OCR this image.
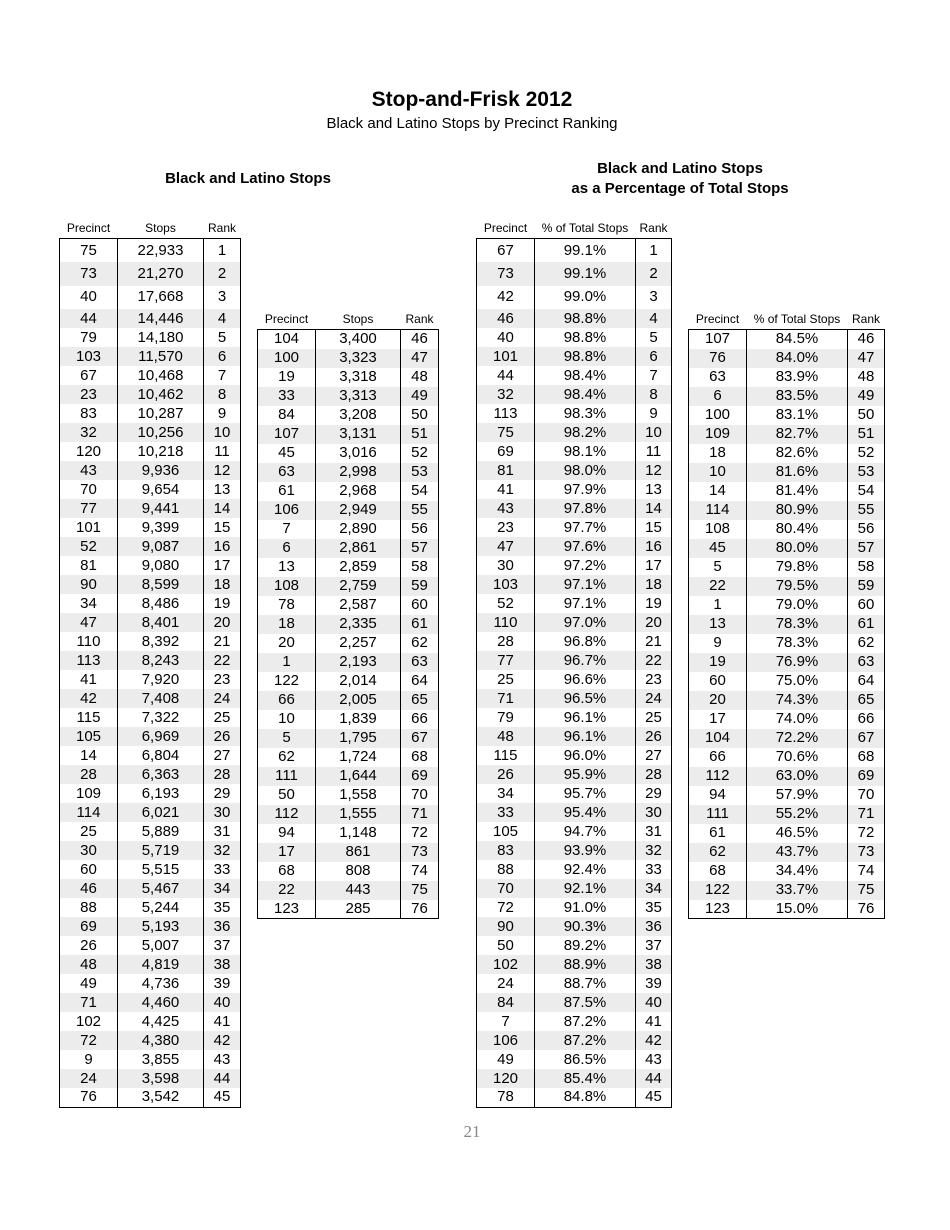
Stop-and-Frisk 2012
Black and Latino Stops by Precinct Ranking
Black and Latino Stops
Black and Latino Stops
as a Percentage of Total Stops
Precinct	Stops	Rank
75	22,933	1
73	21,270	2
40	17,668	3
44	14,446	4
79	14,180	5
103	11,570	6
67	10,468	7
23	10,462	8
83	10,287	9
32	10,256	10
120	10,218	11
43	9,936	12
70	9,654	13
77	9,441	14
101	9,399	15
52	9,087	16
81	9,080	17
90	8,599	18
34	8,486	19
47	8,401	20
110	8,392	21
113	8,243	22
41	7,920	23
42	7,408	24
115	7,322	25
105	6,969	26
14	6,804	27
28	6,363	28
109	6,193	29
114	6,021	30
25	5,889	31
30	5,719	32
60	5,515	33
46	5,467	34
88	5,244	35
69	5,193	36
26	5,007	37
48	4,819	38
49	4,736	39
71	4,460	40
102	4,425	41
72	4,380	42
9	3,855	43
24	3,598	44
76	3,542	45
Precinct	Stops	Rank
104	3,400	46
100	3,323	47
19	3,318	48
33	3,313	49
84	3,208	50
107	3,131	51
45	3,016	52
63	2,998	53
61	2,968	54
106	2,949	55
7	2,890	56
6	2,861	57
13	2,859	58
108	2,759	59
78	2,587	60
18	2,335	61
20	2,257	62
1	2,193	63
122	2,014	64
66	2,005	65
10	1,839	66
5	1,795	67
62	1,724	68
111	1,644	69
50	1,558	70
112	1,555	71
94	1,148	72
17	861	73
68	808	74
22	443	75
123	285	76
Precinct	% of Total Stops	Rank
67	99.1%	1
73	99.1%	2
42	99.0%	3
46	98.8%	4
40	98.8%	5
101	98.8%	6
44	98.4%	7
32	98.4%	8
113	98.3%	9
75	98.2%	10
69	98.1%	11
81	98.0%	12
41	97.9%	13
43	97.8%	14
23	97.7%	15
47	97.6%	16
30	97.2%	17
103	97.1%	18
52	97.1%	19
110	97.0%	20
28	96.8%	21
77	96.7%	22
25	96.6%	23
71	96.5%	24
79	96.1%	25
48	96.1%	26
115	96.0%	27
26	95.9%	28
34	95.7%	29
33	95.4%	30
105	94.7%	31
83	93.9%	32
88	92.4%	33
70	92.1%	34
72	91.0%	35
90	90.3%	36
50	89.2%	37
102	88.9%	38
24	88.7%	39
84	87.5%	40
7	87.2%	41
106	87.2%	42
49	86.5%	43
120	85.4%	44
78	84.8%	45
Precinct	% of Total Stops	Rank
107	84.5%	46
76	84.0%	47
63	83.9%	48
6	83.5%	49
100	83.1%	50
109	82.7%	51
18	82.6%	52
10	81.6%	53
14	81.4%	54
114	80.9%	55
108	80.4%	56
45	80.0%	57
5	79.8%	58
22	79.5%	59
1	79.0%	60
13	78.3%	61
9	78.3%	62
19	76.9%	63
60	75.0%	64
20	74.3%	65
17	74.0%	66
104	72.2%	67
66	70.6%	68
112	63.0%	69
94	57.9%	70
111	55.2%	71
61	46.5%	72
62	43.7%	73
68	34.4%	74
122	33.7%	75
123	15.0%	76
21
